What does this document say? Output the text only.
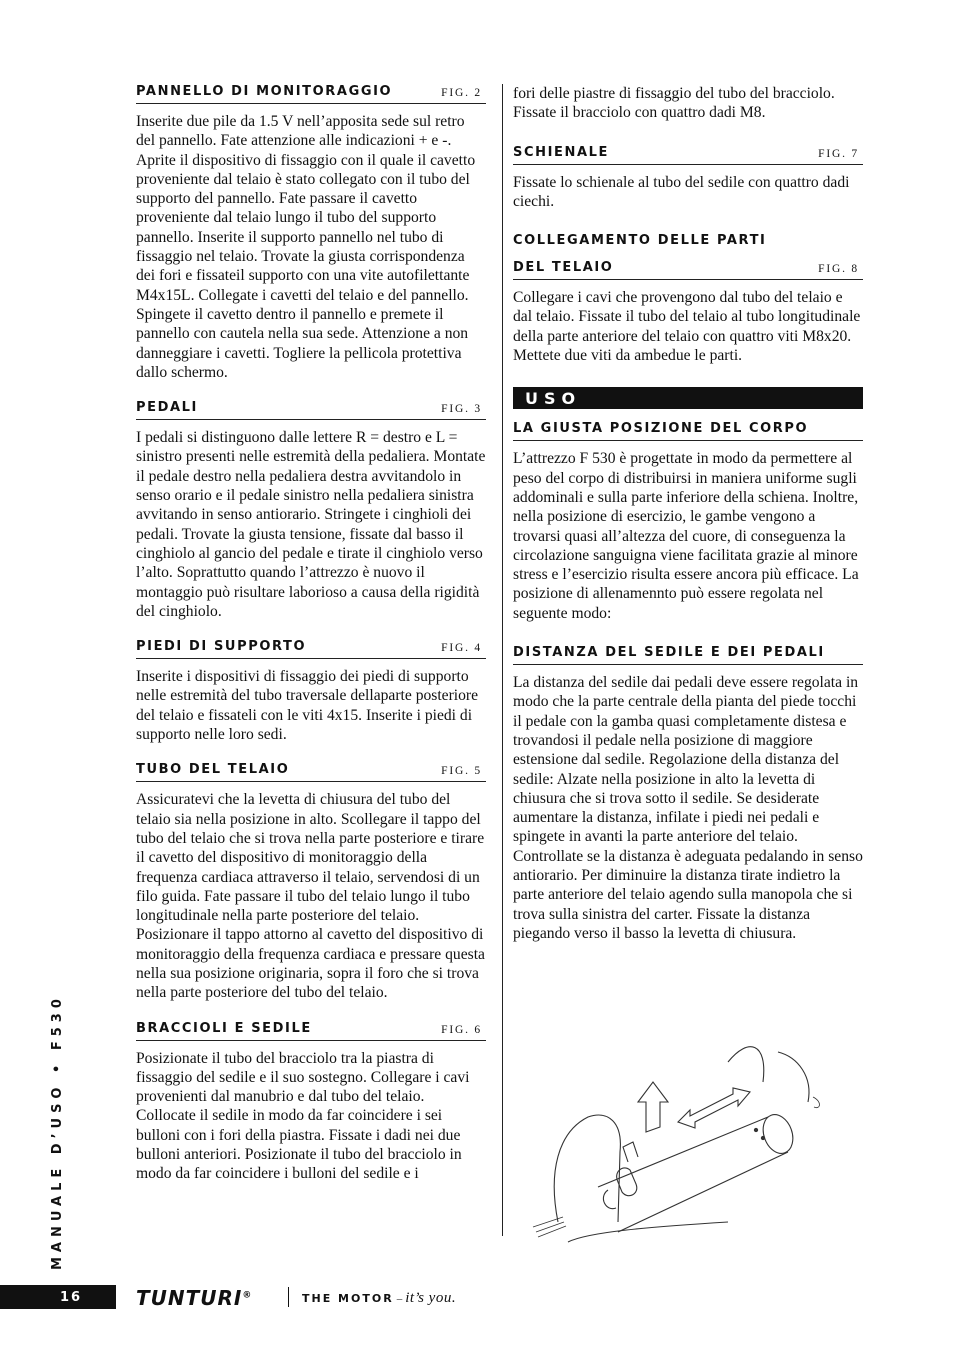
PANNELLO DI MONITORAGGIO	FIG. 2

Inserite due pile da 1.5 V nell’apposita sede sul retro del pannello. Fate attenzione alle indicazioni + e -. Aprite il dispositivo di fissaggio con il quale il cavetto proveniente dal telaio è stato collegato con il tubo del supporto del pannello. Fate passare il cavetto proveniente dal telaio lungo il tubo del supporto pannello. Inserite il supporto pannello nel tubo di fissaggio nel telaio. Trovate la giusta corrispondenza dei fori e fissateil supporto con una vite autofilettante M4x15L. Collegate i cavetti del telaio e del pannello. Spingete il cavetto dentro il pannello e premete il pannello con cautela nella sua sede. Attenzione a non danneggiare i cavetti. Togliere la pellicola protettiva dallo schermo.

PEDALI	FIG. 3

I pedali si distinguono dalle lettere R = destro e L = sinistro presenti nelle estremità della pedaliera. Montate il pedale destro nella pedaliera destra avvitandolo in senso orario e il pedale sinistro nella pedaliera sinistra avvitando in senso antiorario. Stringete i cinghioli dei pedali. Trovate la giusta tensione, fissate dal basso il cinghiolo al gancio del pedale e tirate il cinghiolo verso l’alto. Soprattutto quando l’attrezzo è nuovo il montaggio può risultare laborioso a causa della rigidità del cinghiolo.

PIEDI DI SUPPORTO	FIG. 4

Inserite i dispositivi di fissaggio dei piedi di supporto nelle estremità del tubo traversale dellaparte posteriore del telaio e fissateli con le viti 4x15. Inserite i piedi di supporto nelle loro sedi.

TUBO DEL TELAIO	FIG. 5

Assicuratevi che la levetta di chiusura del tubo del telaio sia nella posizione in alto. Scollegare il tappo del tubo del telaio che si trova nella parte posteriore e tirare il cavetto del dispositivo di monitoraggio della frequenza cardiaca attraverso il telaio, servendosi di un filo guida. Fate passare il tubo del telaio lungo il tubo longitudinale nella parte posteriore del telaio. Posizionare il tappo attorno al cavetto del dispositivo di monitoraggio della frequenza cardiaca e pressare questa nella sua posizione originaria, sopra il foro che si trova nella parte posteriore del tubo del telaio.

BRACCIOLI E SEDILE	FIG. 6

Posizionate il tubo del bracciolo tra la piastra di fissaggio del sedile e il suo sostegno. Collegare i cavi provenienti dal manubrio e dal tubo del telaio. Collocate il sedile in modo da far coincidere i sei bulloni con i fori della piastra. Fissate i dadi nei due bulloni anteriori. Posizionate il tubo del bracciolo in modo da far coincidere i bulloni del sedile e i

fori delle piastre di fissaggio del tubo del bracciolo. Fissate il bracciolo con quattro dadi M8.

SCHIENALE	FIG. 7

Fissate lo schienale al tubo del sedile con quattro dadi ciechi.

COLLEGAMENTO DELLE PARTI
DEL TELAIO	FIG. 8

Collegare i cavi che provengono dal tubo del telaio e dal telaio. Fissate il tubo del telaio al tubo longitudinale della parte anteriore del telaio con quattro viti M8x20. Mettete due viti da ambedue le parti.

USO
LA GIUSTA POSIZIONE DEL CORPO

L’attrezzo F 530 è progettate in modo da permettere al peso del corpo di distribuirsi in maniera uniforme sugli addominali e sulla parte inferiore della schiena. Inoltre, nella posizione di esercizio, le gambe vengono a trovarsi quasi all’altezza del cuore, di conseguenza la circolazione sanguigna viene facilitata grazie al minore stress e l’esercizio risulta essere ancora più efficace. La posizione di allenamennto può essere regolata nel seguente modo:

DISTANZA DEL SEDILE E DEI PEDALI

La distanza del sedile dai pedali deve essere regolata in modo che la parte centrale della pianta del piede tocchi il pedale con la gamba quasi completamente distesa e trovandosi il pedale nella posizione di maggiore estensione dal sedile. Regolazione della distanza del sedile: Alzate nella posizione in alto la levetta di chiusura che si trova sotto il sedile. Se desiderate aumentare la distanza, infilate i piedi nei pedali e spingete in avanti la parte anteriore del telaio. Controllate se la distanza è adeguata pedalando in senso antiorario. Per diminuire la distanza tirate indietro la parte anteriore del telaio agendo sulla manopola che si trova sulla sinistra del carter. Fissate la distanza piegando verso il basso la levetta di chiusura.

MANUALE D’USO • F530
16	TUNTURI®	THE MOTOR – it’s you.
